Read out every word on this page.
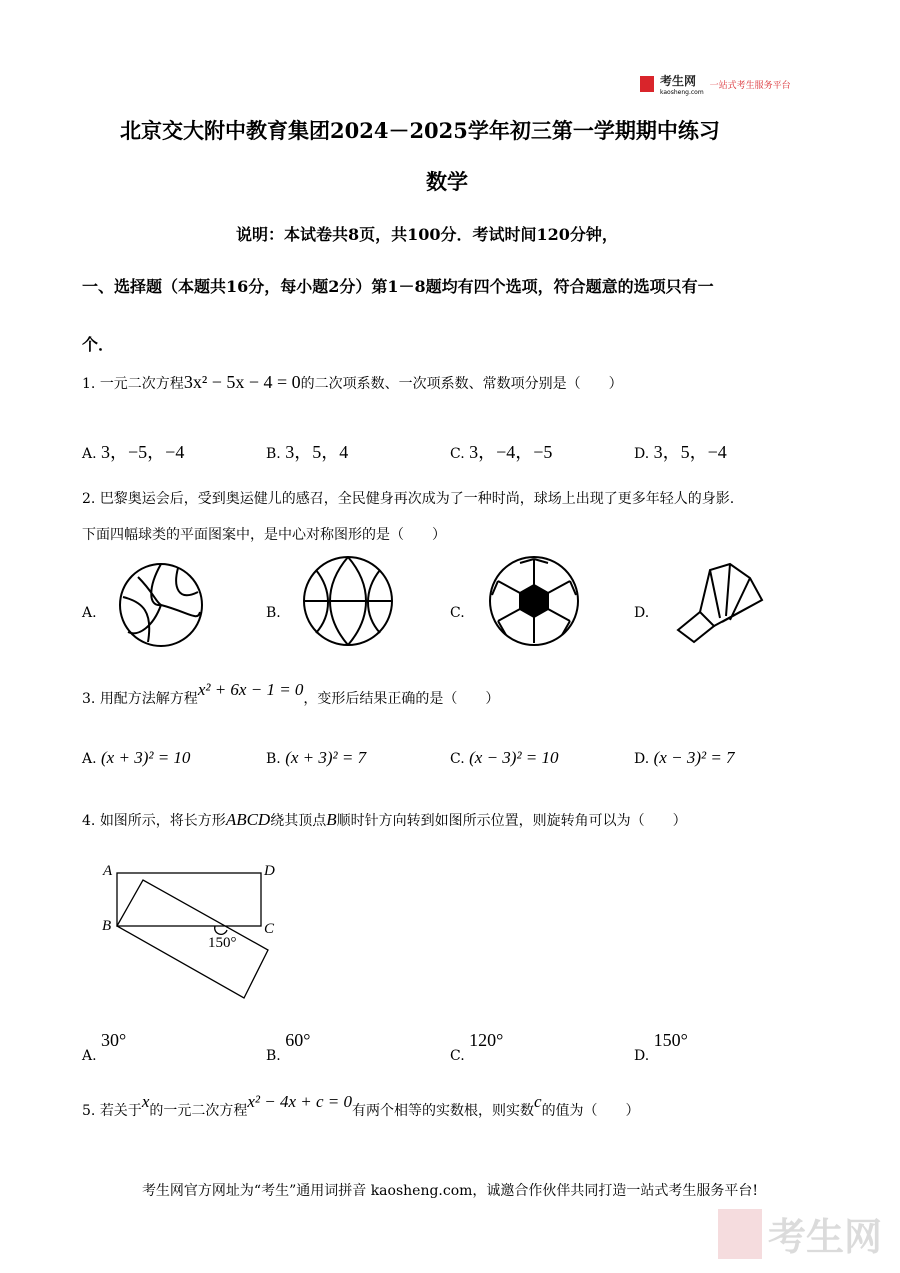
考生网
kaosheng.com
一站式考生服务平台
北京交大附中教育集团2024－2025学年初三第一学期期中练习
数学
说明：本试卷共8页，共100分．考试时间120分钟，
一、选择题（本题共16分，每小题2分）第1－8题均有四个选项，符合题意的选项只有一
个．
1. 一元二次方程3x² − 5x − 4 = 0的二次项系数、一次项系数、常数项分别是（　　）
A. 3，−5，−4	B. 3，5，4	C. 3，−4，−5	D. 3，5，−4
2. 巴黎奥运会后，受到奥运健儿的感召，全民健身再次成为了一种时尚，球场上出现了更多年轻人的身影.
下面四幅球类的平面图案中，是中心对称图形的是（　　）
A.	B.	C.	D.
3. 用配方法解方程x² + 6x − 1 = 0，变形后结果正确的是（　　）
A. (x + 3)² = 10	B. (x + 3)² = 7	C. (x − 3)² = 10	D. (x − 3)² = 7
4. 如图所示，将长方形ABCD绕其顶点B顺时针方向转到如图所示位置，则旋转角可以为（　　）
A	D
B	C
150°
A. 30°
B. 60°
C. 120°
D. 150°
5. 若关于x的一元二次方程x² − 4x + c = 0有两个相等的实数根，则实数c的值为（　　）
考生网官方网址为“考生”通用词拼音 kaosheng.com，诚邀合作伙伴共同打造一站式考生服务平台!
考生网
